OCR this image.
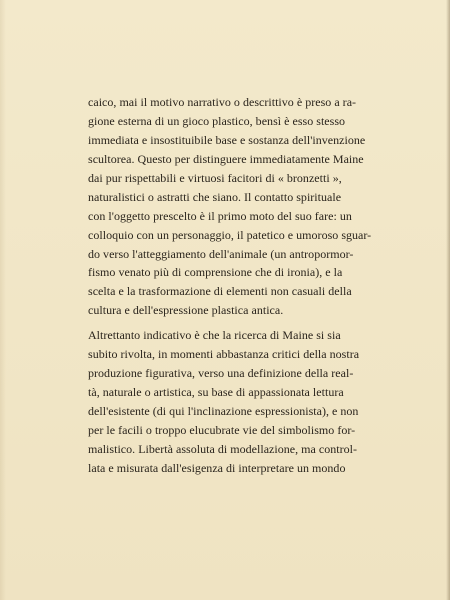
caico, mai il motivo narrativo o descrittivo è preso a ra-
gione esterna di un gioco plastico, bensì è esso stesso
immediata e insostituibile base e sostanza dell'invenzione
scultorea. Questo per distinguere immediatamente Maine
dai pur rispettabili e virtuosi facitori di « bronzetti »,
naturalistici o astratti che siano. Il contatto spirituale
con l'oggetto prescelto è il primo moto del suo fare: un
colloquio con un personaggio, il patetico e umoroso sguar-
do verso l'atteggiamento dell'animale (un antropormor-
fismo venato più di comprensione che di ironia), e la
scelta e la trasformazione di elementi non casuali della
cultura e dell'espressione plastica antica.
Altrettanto indicativo è che la ricerca di Maine si sia
subito rivolta, in momenti abbastanza critici della nostra
produzione figurativa, verso una definizione della real-
tà, naturale o artistica, su base di appassionata lettura
dell'esistente (di qui l'inclinazione espressionista), e non
per le facili o troppo elucubrate vie del simbolismo for-
malistico. Libertà assoluta di modellazione, ma control-
lata e misurata dall'esigenza di interpretare un mondo
